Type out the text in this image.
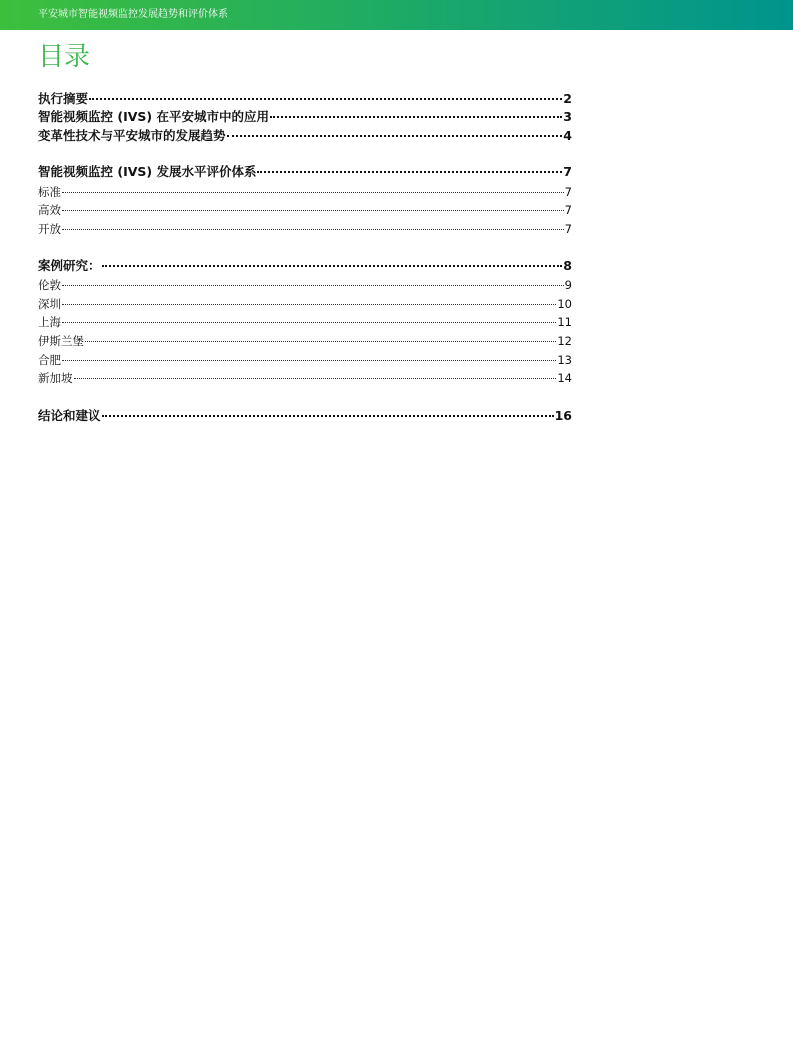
平安城市智能视频监控发展趋势和评价体系
目录
执行摘要	2
智能视频监控 (IVS) 在平安城市中的应用	3
变革性技术与平安城市的发展趋势	4
智能视频监控 (IVS) 发展水平评价体系	7
标准	7
高效	7
开放	7
案例研究：	8
伦敦	9
深圳	10
上海	11
伊斯兰堡	12
合肥	13
新加坡	14
结论和建议	16
